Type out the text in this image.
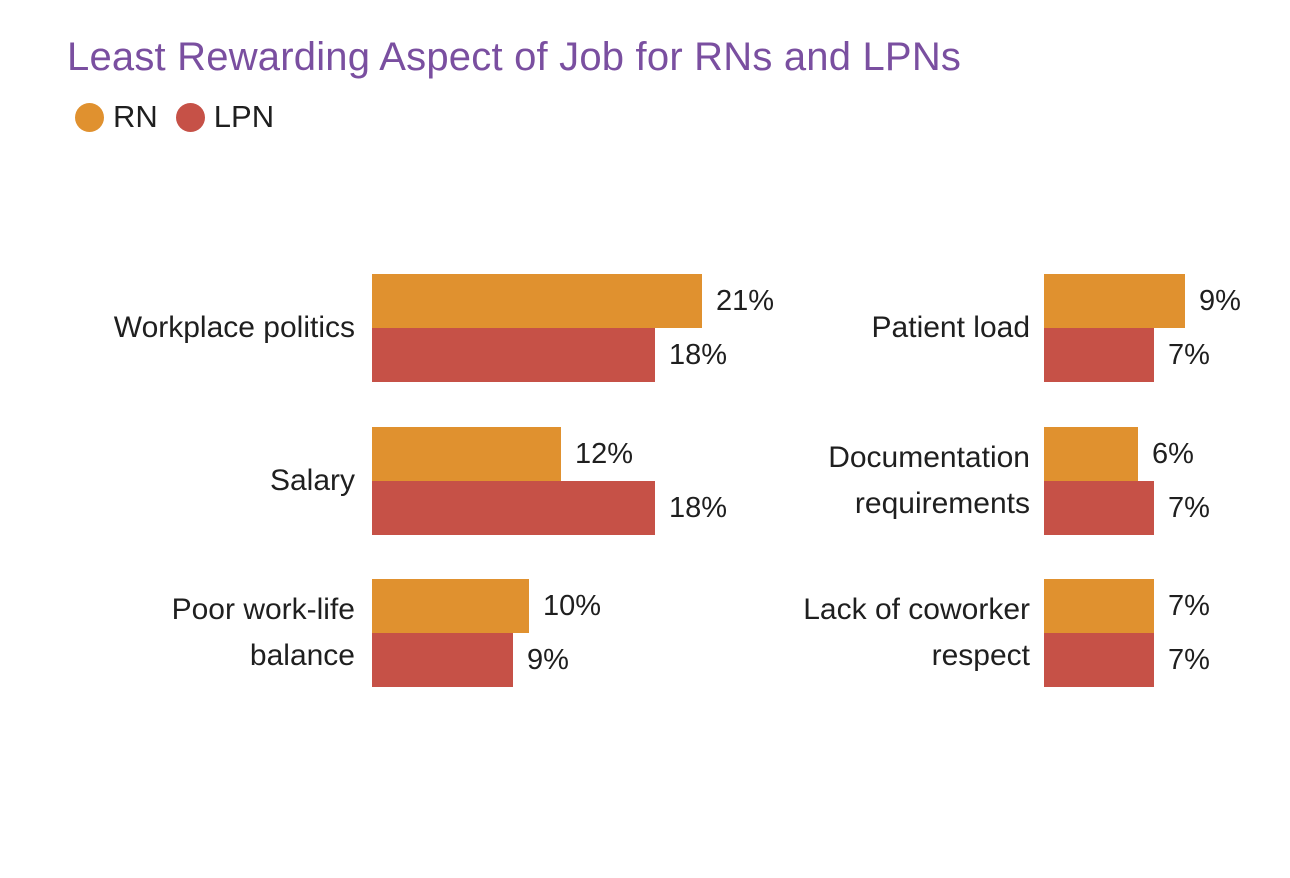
Least Rewarding Aspect of Job for RNs and LPNs
RN LPN
Workplace politics
21%
18%
Salary
12%
18%
Poor work-life
balance
10%
9%
Patient load
9%
7%
Documentation
requirements
6%
7%
Lack of coworker
respect
7%
7%
